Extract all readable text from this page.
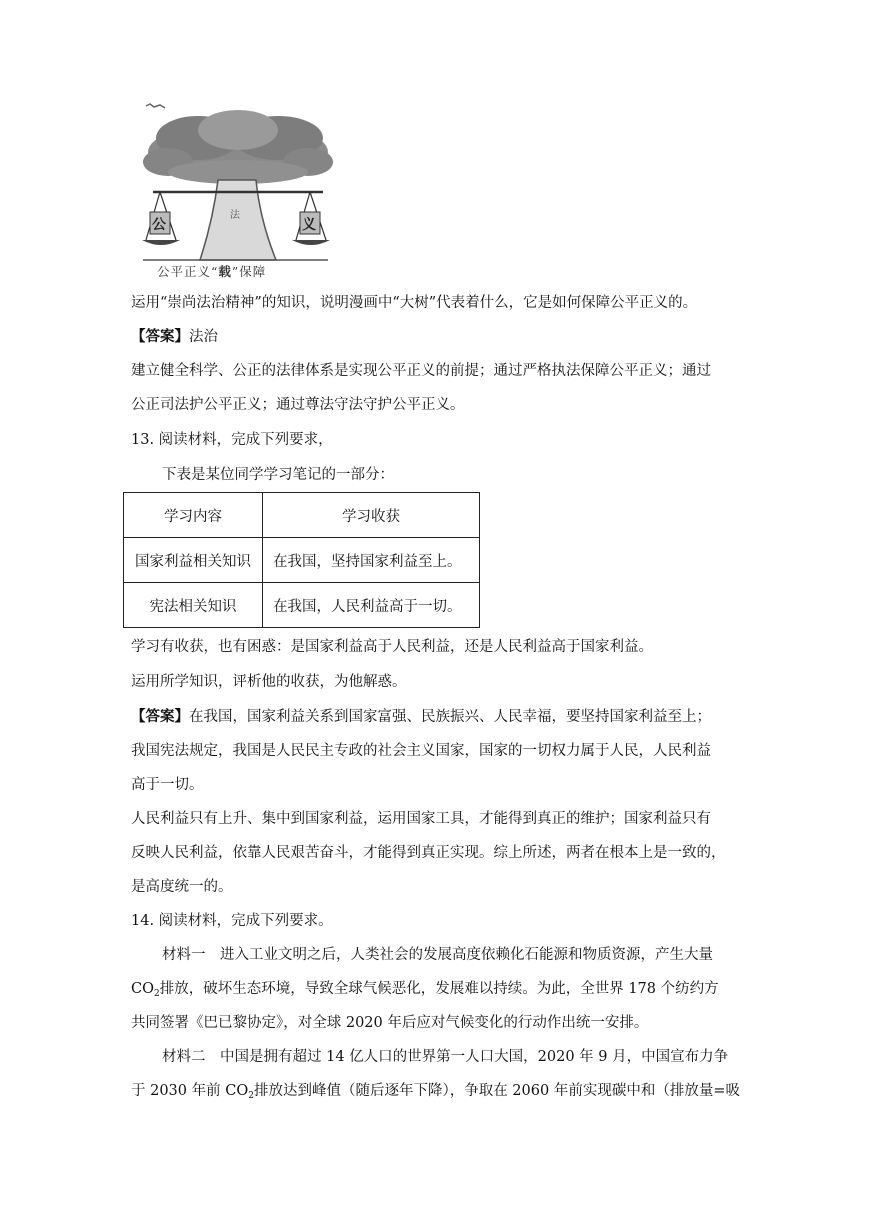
法
公	义
公平正义“载”保障
运用“崇尚法治精神”的知识，说明漫画中“大树”代表着什么，它是如何保障公平正义的。
【答案】法治
建立健全科学、公正的法律体系是实现公平正义的前提；通过严格执法保障公平正义；通过
公正司法护公平正义；通过尊法守法守护公平正义。
13. 阅读材料，完成下列要求，
下表是某位同学学习笔记的一部分：
学习内容	学习收获
国家利益相关知识	在我国，坚持国家利益至上。
宪法相关知识	在我国，人民利益高于一切。
学习有收获，也有困惑：是国家利益高于人民利益，还是人民利益高于国家利益。
运用所学知识，评析他的收获，为他解惑。
【答案】在我国，国家利益关系到国家富强、民族振兴、人民幸福，要坚持国家利益至上；
我国宪法规定，我国是人民民主专政的社会主义国家，国家的一切权力属于人民，人民利益
高于一切。
人民利益只有上升、集中到国家利益，运用国家工具，才能得到真正的维护；国家利益只有
反映人民利益，依靠人民艰苦奋斗，才能得到真正实现。综上所述，两者在根本上是一致的，
是高度统一的。
14. 阅读材料，完成下列要求。
材料一　进入工业文明之后，人类社会的发展高度依赖化石能源和物质资源，产生大量
$CO_2$排放，破坏生态环境，导致全球气候恶化，发展难以持续。为此，全世界 178 个纺约方
共同签署《巴已黎协定》，对全球 2020 年后应对气候变化的行动作出统一安排。
材料二　中国是拥有超过 14 亿人口的世界第一人口大国，2020 年 9 月，中国宣布力争
于 2030 年前 $CO_2$排放达到峰值（随后逐年下降），争取在 2060 年前实现碳中和（排放量=吸
